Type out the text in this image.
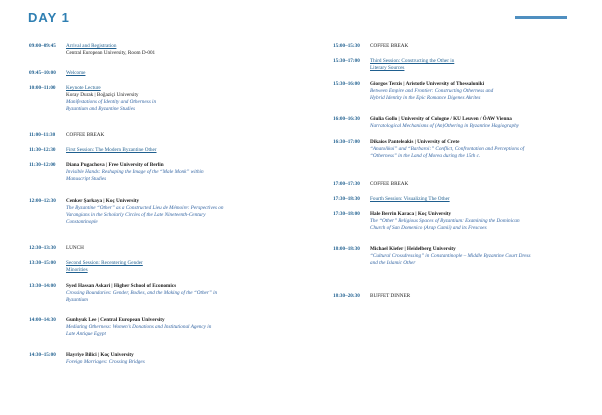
DAY 1
09:00–09:45	Arrival and Registration
Central European University, Room D-001
09:45–10:00	Welcome
10:00–11:00	Keynote Lecture
Koray Durak | Boğaziçi University
Manifestations of Identity and Otherness in
Byzantium and Byzantine Studies
11:00–11:30	COFFEE BREAK
11:30–12:30	First Session: The Modern Byzantine Other
11:30–12:00	Diana Pugachova | Free University of Berlin
Invisible Hands: Reshaping the Image of the “Male Monk” within
Manuscript Studies
12:00–12:30	Cenker Şarkaya | Koç University
The Byzantine “Other” as a Constructed Lieu de Mémoire: Perspectives on
Varangians in the Scholarly Circles of the Late Nineteenth-Century
Constantinople
12:30–13:30	LUNCH
13:30–15:00	Second Session: Recentering Gender
Minorities
13:30–14:00	Syed Hassan Askari | Higher School of Economics
Crossing Boundaries: Gender, Bodies, and the Making of the “Other” in
Byzantium
14:00–14:30	Gunhyuk Lee | Central European University
Mediating Otherness: Women’s Donations and Institutional Agency in
Late Antique Egypt
14:30–15:00	Hayriye Bilici | Koç University
Foreign Marriages: Crossing Bridges
15:00–15:30	COFFEE BREAK
15:30–17:00	Third Session: Constructing the Other in
Literary Sources
15:30–16:00	Giorgos Terzis | Aristotle University of Thessaloniki
Between Empire and Frontier: Constructing Otherness and
Hybrid Identity in the Epic Romance Digenes Akrites
16:00–16:30	Giulia Gollo | University of Cologne / KU Leuven / ÖAW Vienna
Narratological Mechanisms of (An)Othering in Byzantine Hagiography
16:30–17:00	Dikaios Panteleakis | University of Crete
“Anatolikoi” and “Barbaroi:” Conflict, Confrontation and Perceptions of
“Otherness” in the Land of Morea during the 15th c.
17:00–17:30	COFFEE BREAK
17:30–18:30	Fourth Session: Visualizing The Other
17:30–18:00	Hale Berrin Karaca | Koç University
The “Other” Religious Spaces of Byzantium: Examining the Dominican
Church of San Domenico (Arap Camii) and its Frescoes
18:00–18:30	Michael Kiefer | Heidelberg University
“Cultural Crossdressing” in Constantinople – Middle Byzantine Court Dress
and the Islamic Other
18:30–20:30	BUFFET DINNER
